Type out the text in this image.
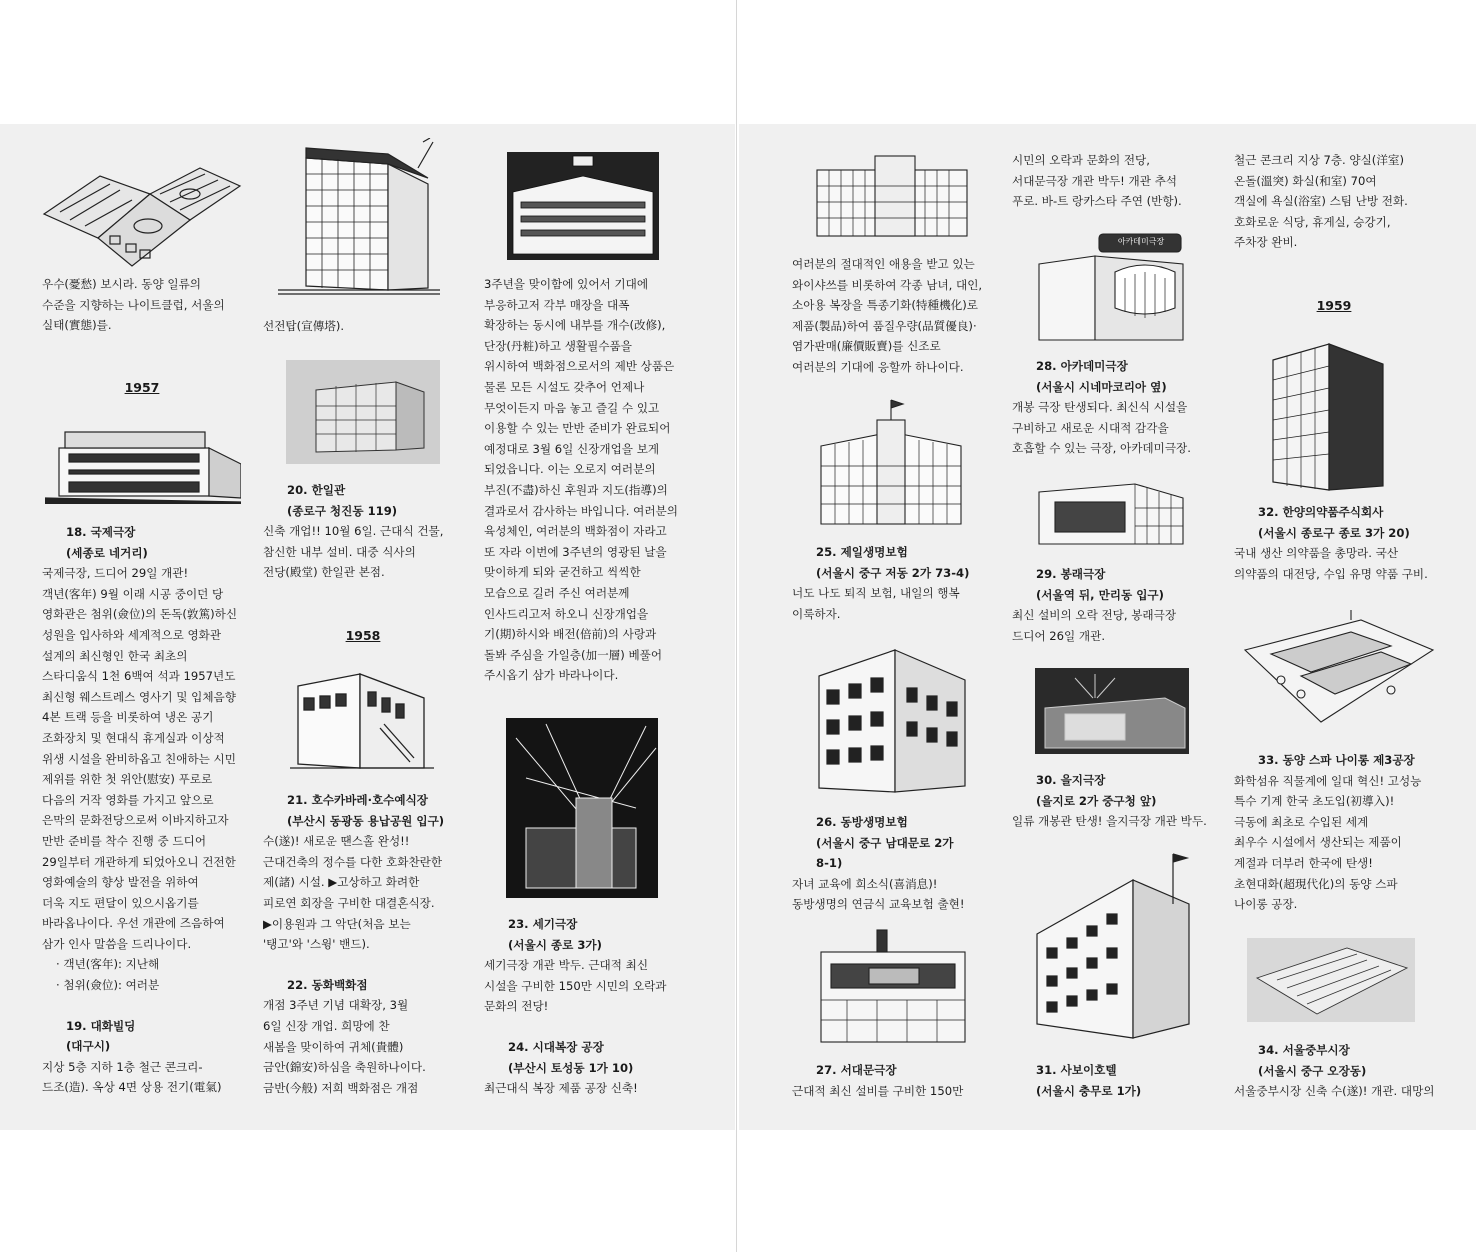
우수(憂愁) 보시라. 동양 일류의
수준을 지향하는 나이트클럽, 서울의
실태(實態)를.

1957

18. 국제극장
(세종로 네거리)

국제극장, 드디어 29일 개관!
객년(客年) 9월 이래 시공 중이던 당
영화관은 첨위(僉位)의 돈독(敦篤)하신
성원을 입사하와 세계적으로 영화관
설계의 최신형인 한국 최초의
스타디움식 1천 6백여 석과 1957년도
최신형 웨스트레스 영사기 및 입체음향
4본 트랙 등을 비롯하여 냉온 공기
조화장치 및 현대식 휴게실과 이상적
위생 시설을 완비하옵고 친애하는 시민
제위를 위한 첫 위안(慰安) 푸로로
다음의 거작 영화를 가지고 앞으로
은막의 문화전당으로써 이바지하고자
만반 준비를 착수 진행 중 드디어
29일부터 개관하게 되었아오니 건전한
영화예술의 향상 발전을 위하여
더욱 지도 편달이 있으시옵기를
바라옵나이다. 우선 개관에 즈음하여
삼가 인사 말씀을 드리나이다.

· 객년(客年): 지난해

· 첨위(僉位): 여러분

19. 대화빌딩
(대구시)

지상 5층 지하 1층 철근 콘크리-
드조(造). 옥상 4면 상용 전기(電氣)

선전탑(宣傳塔).

20. 한일관
(종로구 청진동 119)

신축 개업!! 10월 6일. 근대식 건물,
참신한 내부 설비. 대중 식사의
전당(殿堂) 한일관 본점.

1958

21. 호수카바레·호수예식장
(부산시 동광동 용납공원 입구)

수(遂)! 새로운 땐스홀 완성!!
근대건축의 정수를 다한 호화찬란한
제(諸) 시설. ▶고상하고 화려한
피로연 회장을 구비한 대결혼식장.
▶이용원과 그 악단(처음 보는
'탱고'와 '스윙' 밴드).

22. 동화백화점

개점 3주년 기념 대확장, 3월
6일 신장 개업. 희망에 찬
새봄을 맞이하여 귀체(貴體)
금안(錦安)하심을 축원하나이다.
금반(今般) 저희 백화점은 개점

3주년을 맞이함에 있어서 기대에
부응하고저 각부 매장을 대폭
확장하는 동시에 내부를 개수(改修),
단장(丹粧)하고 생활필수품을
위시하여 백화점으로서의 제반 상품은
물론 모든 시설도 갖추어 언제나
무엇이든지 마음 놓고 즐길 수 있고
이용할 수 있는 만반 준비가 완료되어
예정대로 3월 6일 신장개업을 보게
되었읍니다. 이는 오로지 여러분의
부진(不盡)하신 후원과 지도(指導)의
결과로서 감사하는 바입니다. 여러분의
육성체인, 여러분의 백화점이 자라고
또 자라 이번에 3주년의 영광된 날을
맞이하게 되와 굳건하고 씩씩한
모습으로 길러 주신 여러분께
인사드리고저 하오니 신장개업을
기(期)하시와 배전(倍前)의 사랑과
돌봐 주심을 가일층(加一層) 베풀어
주시옵기 삼가 바라나이다.

23. 세기극장
(서울시 종로 3가)

세기극장 개관 박두. 근대적 최신
시설을 구비한 150만 시민의 오락과
문화의 전당!

24. 시대복장 공장
(부산시 토성동 1가 10)

최근대식 복장 제품 공장 신축!

여러분의 절대적인 애용을 받고 있는
와이샤쓰를 비롯하여 각종 남녀, 대인,
소아용 복장을 특종기화(特種機化)로
제품(製品)하여 품질우량(品質優良)·
염가판매(廉價販賣)를 신조로
여러분의 기대에 응할까 하나이다.

25. 제일생명보험
(서울시 중구 저동 2가 73-4)

너도 나도 퇴직 보험, 내일의 행복
이룩하자.

26. 동방생명보험
(서울시 중구 남대문로 2가
8-1)

자녀 교육에 희소식(喜消息)!
동방생명의 연금식 교육보험 출현!

27. 서대문극장

근대적 최신 설비를 구비한 150만

시민의 오락과 문화의 전당,
서대문극장 개관 박두! 개관 추석
푸로. 바-트 랑카스타 주연 (반항).

아카데미극장

28. 아카데미극장
(서울시 시네마코리아 옆)

개봉 극장 탄생되다. 최신식 시설을
구비하고 새로운 시대적 감각을
호흡할 수 있는 극장, 아카데미극장.

29. 봉래극장
(서울역 뒤, 만리동 입구)

최신 설비의 오락 전당, 봉래극장
드디어 26일 개관.

30. 을지극장
(을지로 2가 중구청 앞)

일류 개봉관 탄생! 을지극장 개관 박두.

31. 사보이호텔
(서울시 충무로 1가)

철근 콘크리 지상 7층. 양실(洋室)
온돌(溫突) 화실(和室) 70여
객실에 욕실(浴室) 스팀 난방 전화.
호화로운 식당, 휴게실, 승강기,
주차장 완비.

1959

32. 한양의약품주식회사
(서울시 종로구 종로 3가 20)

국내 생산 의약품을 총망라. 국산
의약품의 대전당, 수입 유명 약품 구비.

33. 동양 스파 나이롱 제3공장

화학섬유 직물계에 일대 혁신! 고성능
특수 기계 한국 초도입(初導入)!
극동에 최초로 수입된 세계
최우수 시설에서 생산되는 제품이
계절과 더부러 한국에 탄생!
초현대화(超現代化)의 동양 스파
나이롱 공장.

34. 서울중부시장
(서울시 중구 오장동)

서울중부시장 신축 수(遂)! 개관. 대망의
